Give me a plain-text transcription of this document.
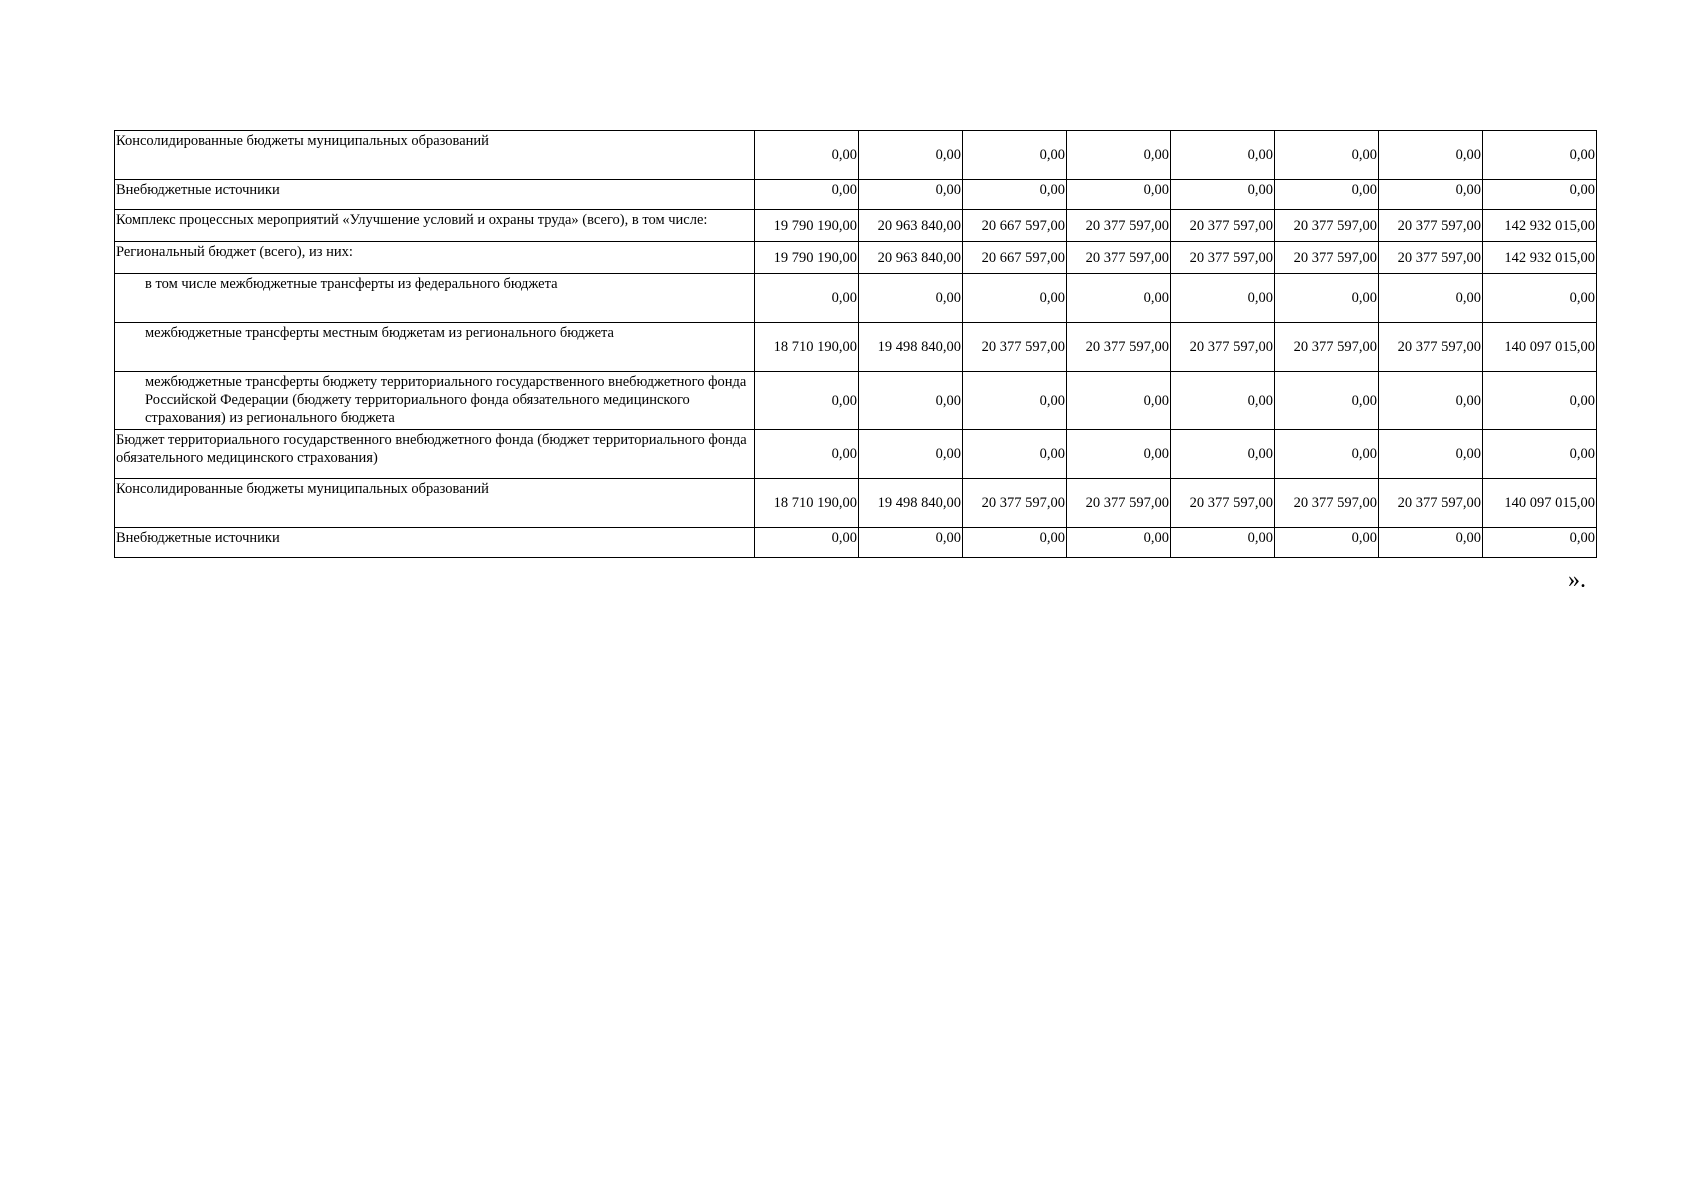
Консолидированные бюджеты муниципальных образований	0,00	0,00	0,00	0,00	0,00	0,00	0,00	0,00
Внебюджетные источники	0,00	0,00	0,00	0,00	0,00	0,00	0,00	0,00
Комплекс процессных мероприятий «Улучшение условий и охраны труда» (всего), в том числе:	19 790 190,00	20 963 840,00	20 667 597,00	20 377 597,00	20 377 597,00	20 377 597,00	20 377 597,00	142 932 015,00
Региональный бюджет (всего), из них:	19 790 190,00	20 963 840,00	20 667 597,00	20 377 597,00	20 377 597,00	20 377 597,00	20 377 597,00	142 932 015,00
в том числе межбюджетные трансферты из федерального бюджета	0,00	0,00	0,00	0,00	0,00	0,00	0,00	0,00
межбюджетные трансферты местным бюджетам из регионального бюджета	18 710 190,00	19 498 840,00	20 377 597,00	20 377 597,00	20 377 597,00	20 377 597,00	20 377 597,00	140 097 015,00
межбюджетные трансферты бюджету территориального государственного внебюджетного фонда Российской Федерации (бюджету территориального фонда обязательного медицинского страхования) из регионального бюджета	0,00	0,00	0,00	0,00	0,00	0,00	0,00	0,00
Бюджет территориального государственного внебюджетного фонда (бюджет территориального фонда обязательного медицинского страхования)	0,00	0,00	0,00	0,00	0,00	0,00	0,00	0,00
Консолидированные бюджеты муниципальных образований	18 710 190,00	19 498 840,00	20 377 597,00	20 377 597,00	20 377 597,00	20 377 597,00	20 377 597,00	140 097 015,00
Внебюджетные источники	0,00	0,00	0,00	0,00	0,00	0,00	0,00	0,00
».
